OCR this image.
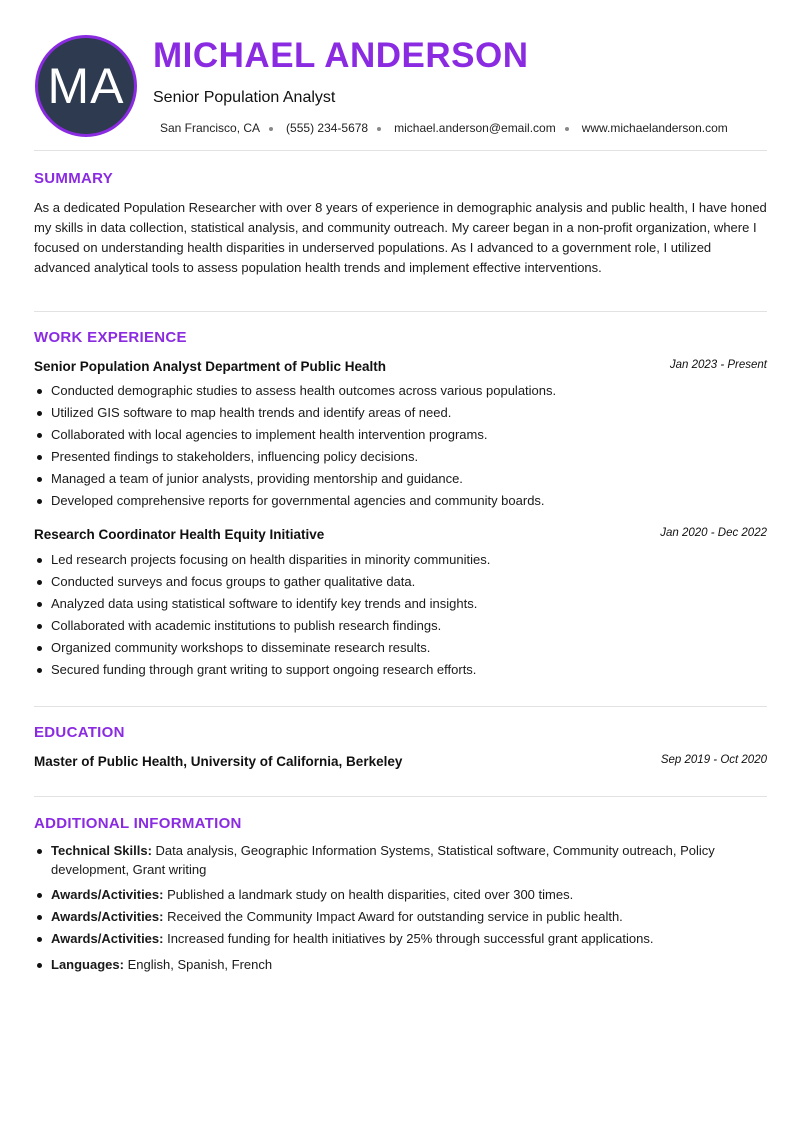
MA
MICHAEL ANDERSON
Senior Population Analyst
San Francisco, CA (555) 234-5678 michael.anderson@email.com www.michaelanderson.com
SUMMARY
As a dedicated Population Researcher with over 8 years of experience in demographic analysis and public health, I have honed my skills in data collection, statistical analysis, and community outreach. My career began in a non-profit organization, where I focused on understanding health disparities in underserved populations. As I advanced to a government role, I utilized advanced analytical tools to assess population health trends and implement effective interventions.
WORK EXPERIENCE
Senior Population Analyst Department of Public Health	Jan 2023 - Present
Conducted demographic studies to assess health outcomes across various populations.
Utilized GIS software to map health trends and identify areas of need.
Collaborated with local agencies to implement health intervention programs.
Presented findings to stakeholders, influencing policy decisions.
Managed a team of junior analysts, providing mentorship and guidance.
Developed comprehensive reports for governmental agencies and community boards.
Research Coordinator Health Equity Initiative	Jan 2020 - Dec 2022
Led research projects focusing on health disparities in minority communities.
Conducted surveys and focus groups to gather qualitative data.
Analyzed data using statistical software to identify key trends and insights.
Collaborated with academic institutions to publish research findings.
Organized community workshops to disseminate research results.
Secured funding through grant writing to support ongoing research efforts.
EDUCATION
Master of Public Health, University of California, Berkeley	Sep 2019 - Oct 2020
ADDITIONAL INFORMATION
Technical Skills: Data analysis, Geographic Information Systems, Statistical software, Community outreach, Policy development, Grant writing
Awards/Activities: Published a landmark study on health disparities, cited over 300 times.
Awards/Activities: Received the Community Impact Award for outstanding service in public health.
Awards/Activities: Increased funding for health initiatives by 25% through successful grant applications.
Languages: English, Spanish, French
